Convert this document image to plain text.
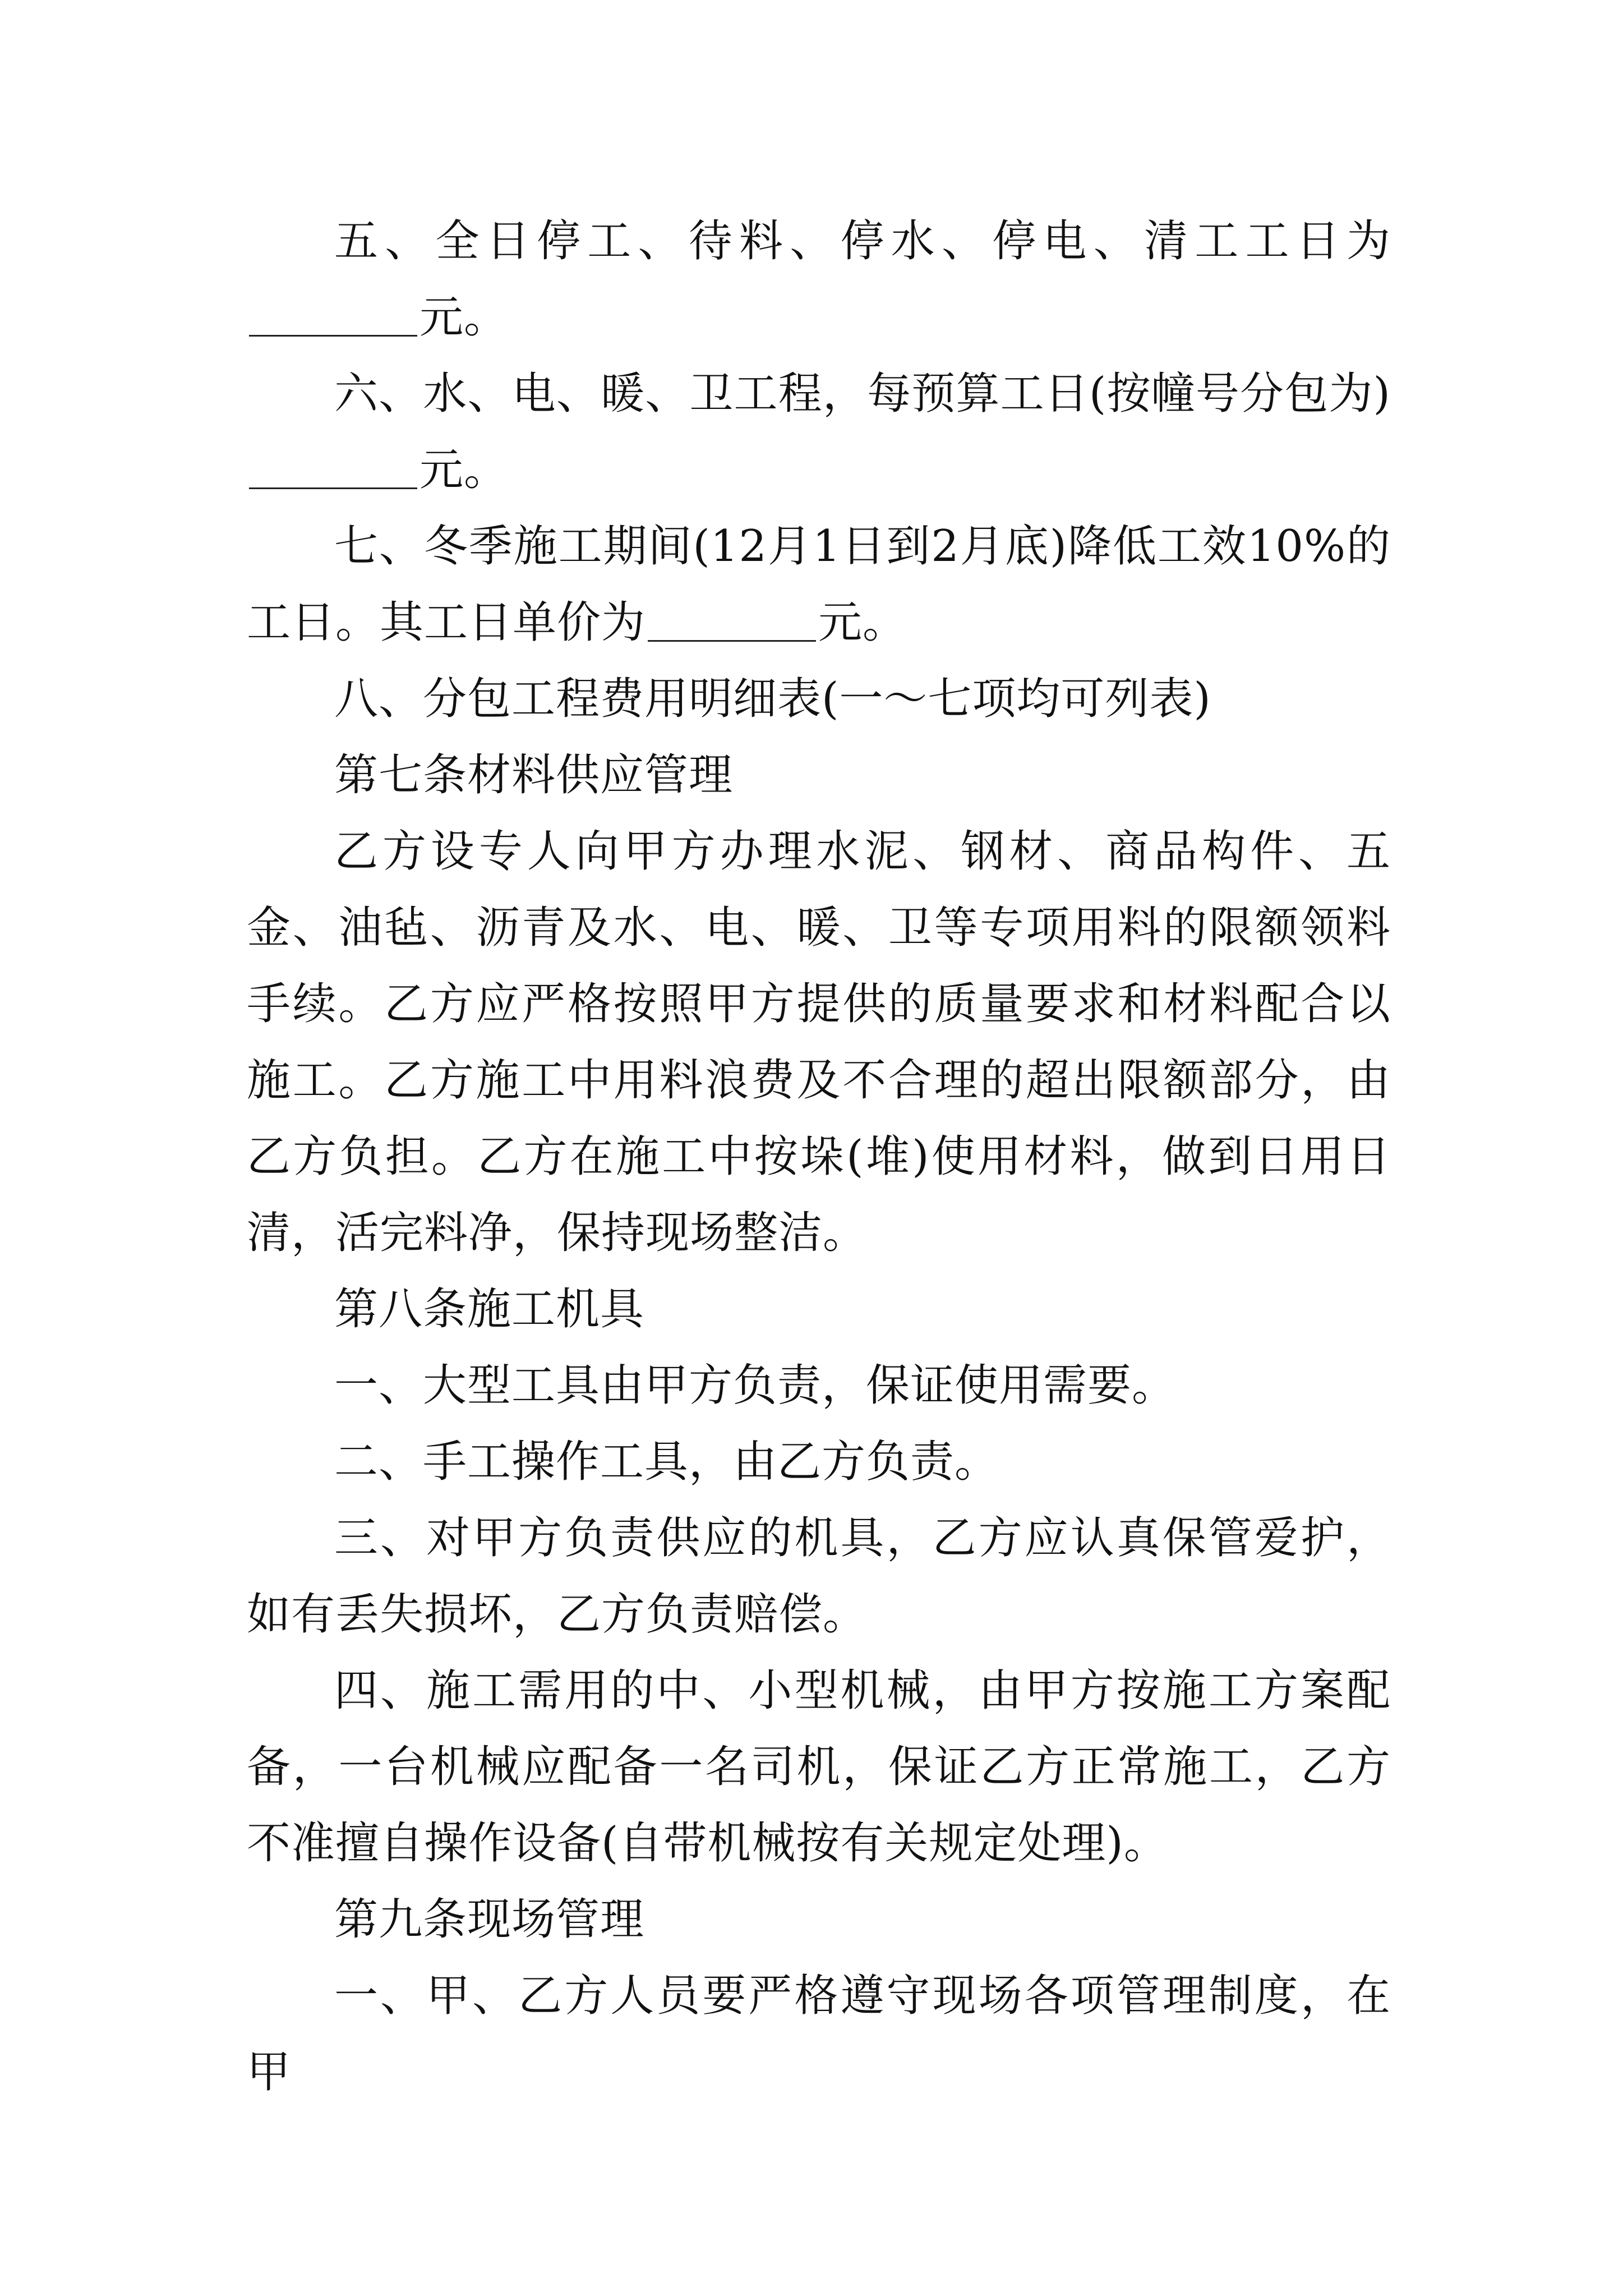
五、全日停工、待料、停水、停电、清工工日为元。

六、水、电、暖、卫工程，每预算工日(按幢号分包为)元。

七、冬季施工期间(12月1日到2月底)降低工效10%的工日。其工日单价为	元。

八、分包工程费用明细表(一～七项均可列表)

第七条材料供应管理

乙方设专人向甲方办理水泥、钢材、商品构件、五金、油毡、沥青及水、电、暖、卫等专项用料的限额领料手续。乙方应严格按照甲方提供的质量要求和材料配合以施工。乙方施工中用料浪费及不合理的超出限额部分，由乙方负担。乙方在施工中按垛(堆)使用材料，做到日用日清，活完料净，保持现场整洁。

第八条施工机具

一、大型工具由甲方负责，保证使用需要。

二、手工操作工具，由乙方负责。

三、对甲方负责供应的机具，乙方应认真保管爱护，如有丢失损坏，乙方负责赔偿。

四、施工需用的中、小型机械，由甲方按施工方案配备，一台机械应配备一名司机，保证乙方正常施工，乙方不准擅自操作设备(自带机械按有关规定处理)。

第九条现场管理

一、甲、乙方人员要严格遵守现场各项管理制度，在甲
